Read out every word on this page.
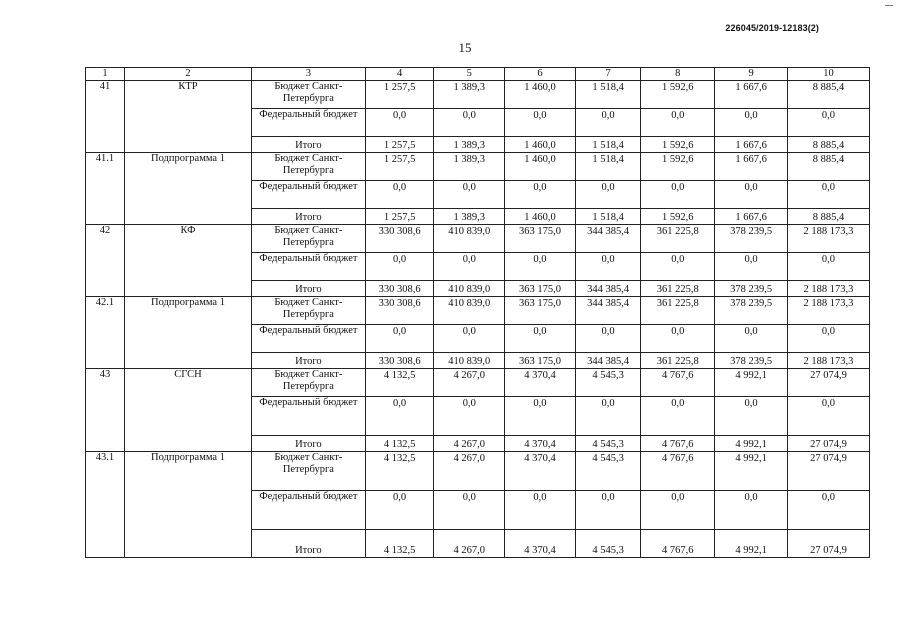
226045/2019-12183(2)
15
1	2	3	4	5	6	7	8	9	10
41	КТР	Бюджет Санкт-Петербурга	1 257,5	1 389,3	1 460,0	1 518,4	1 592,6	1 667,6	8 885,4
		Федеральный бюджет	0,0	0,0	0,0	0,0	0,0	0,0	0,0
		Итого	1 257,5	1 389,3	1 460,0	1 518,4	1 592,6	1 667,6	8 885,4
41.1	Подпрограмма 1	Бюджет Санкт-Петербурга	1 257,5	1 389,3	1 460,0	1 518,4	1 592,6	1 667,6	8 885,4
		Федеральный бюджет	0,0	0,0	0,0	0,0	0,0	0,0	0,0
		Итого	1 257,5	1 389,3	1 460,0	1 518,4	1 592,6	1 667,6	8 885,4
42	КФ	Бюджет Санкт-Петербурга	330 308,6	410 839,0	363 175,0	344 385,4	361 225,8	378 239,5	2 188 173,3
		Федеральный бюджет	0,0	0,0	0,0	0,0	0,0	0,0	0,0
		Итого	330 308,6	410 839,0	363 175,0	344 385,4	361 225,8	378 239,5	2 188 173,3
42.1	Подпрограмма 1	Бюджет Санкт-Петербурга	330 308,6	410 839,0	363 175,0	344 385,4	361 225,8	378 239,5	2 188 173,3
		Федеральный бюджет	0,0	0,0	0,0	0,0	0,0	0,0	0,0
		Итого	330 308,6	410 839,0	363 175,0	344 385,4	361 225,8	378 239,5	2 188 173,3
43	СГСН	Бюджет Санкт-Петербурга	4 132,5	4 267,0	4 370,4	4 545,3	4 767,6	4 992,1	27 074,9
		Федеральный бюджет	0,0	0,0	0,0	0,0	0,0	0,0	0,0
		Итого	4 132,5	4 267,0	4 370,4	4 545,3	4 767,6	4 992,1	27 074,9
43.1	Подпрограмма 1	Бюджет Санкт-Петербурга	4 132,5	4 267,0	4 370,4	4 545,3	4 767,6	4 992,1	27 074,9
		Федеральный бюджет	0,0	0,0	0,0	0,0	0,0	0,0	0,0
		Итого	4 132,5	4 267,0	4 370,4	4 545,3	4 767,6	4 992,1	27 074,9
